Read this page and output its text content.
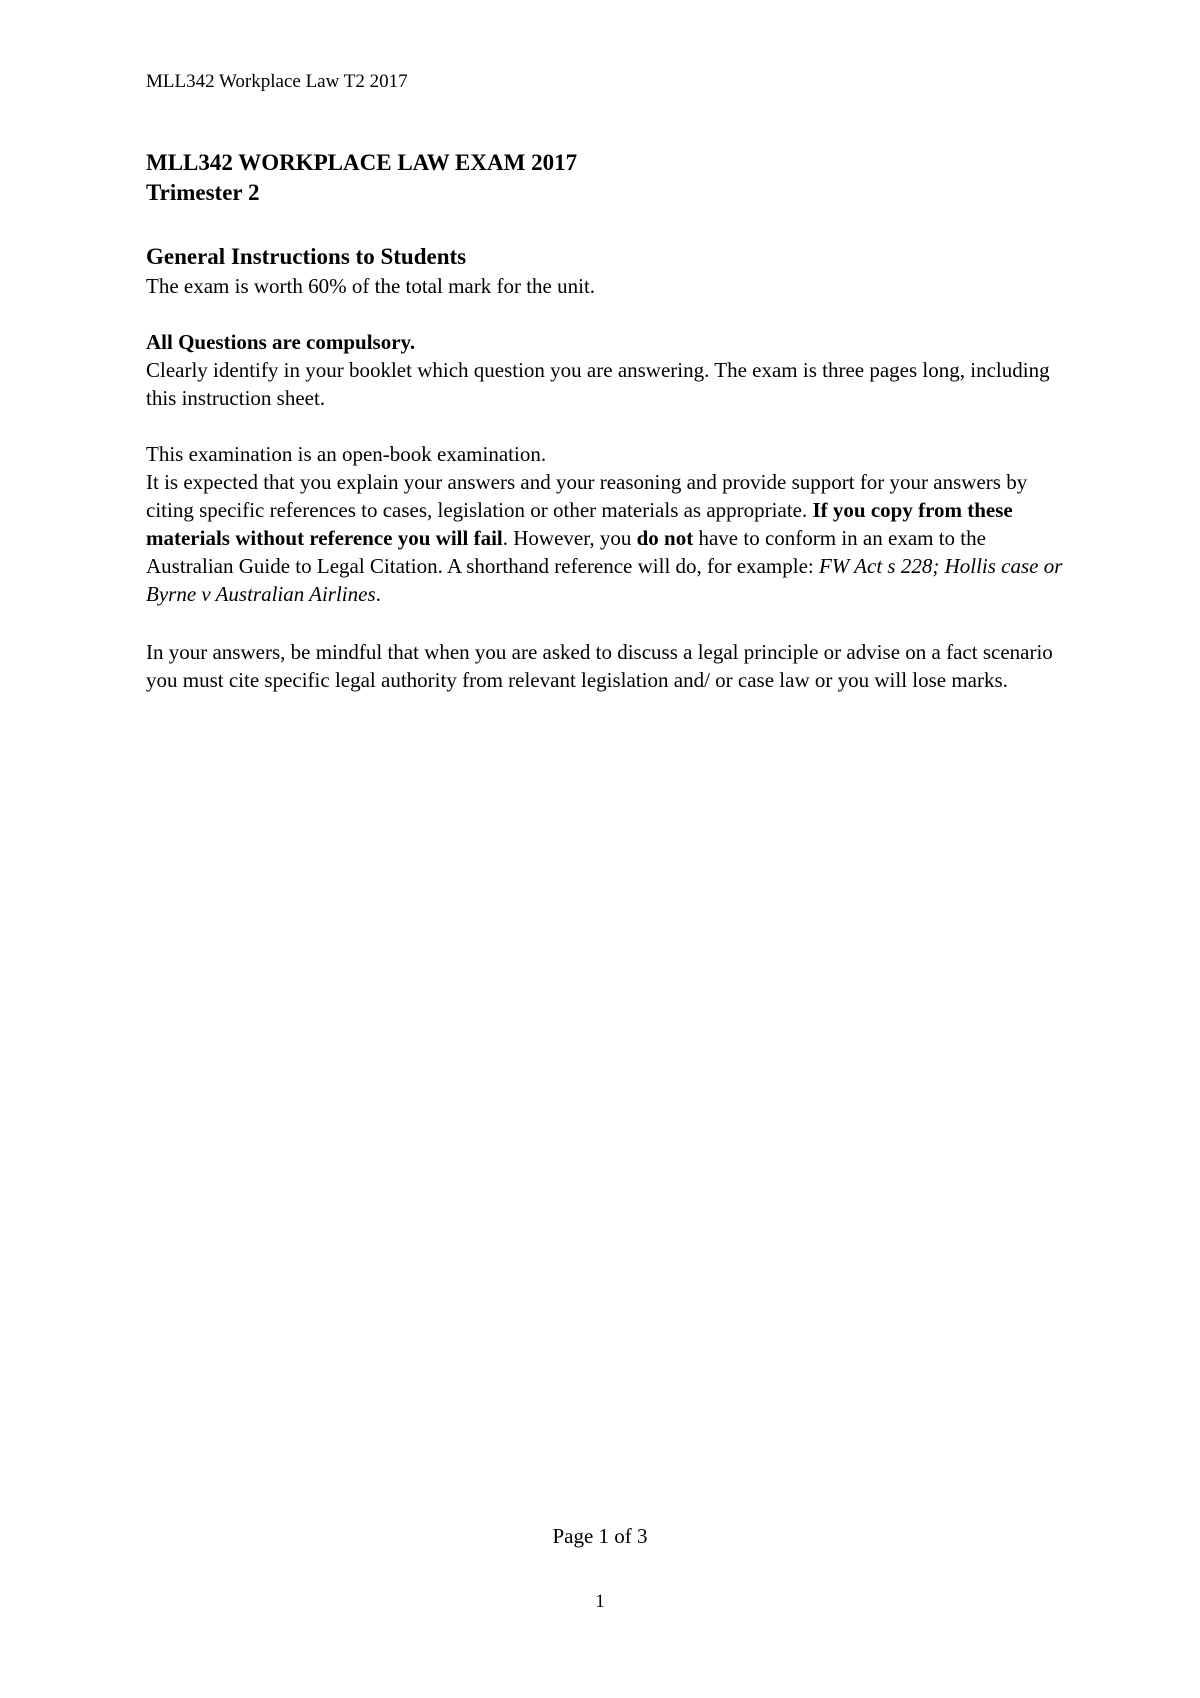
MLL342 Workplace Law T2 2017

MLL342 WORKPLACE LAW EXAM 2017

Trimester 2

General Instructions to Students

The exam is worth 60% of the total mark for the unit.

All Questions are compulsory.

Clearly identify in your booklet which question you are answering. The exam is three pages long, including this instruction sheet.

This examination is an open-book examination.

It is expected that you explain your answers and your reasoning and provide support for your answers by citing specific references to cases, legislation or other materials as appropriate. If you copy from these materials without reference you will fail. However, you do not have to conform in an exam to the Australian Guide to Legal Citation. A shorthand reference will do, for example: FW Act s 228; Hollis case or Byrne v Australian Airlines.

In your answers, be mindful that when you are asked to discuss a legal principle or advise on a fact scenario you must cite specific legal authority from relevant legislation and/ or case law or you will lose marks.

Page 1 of 3
1
